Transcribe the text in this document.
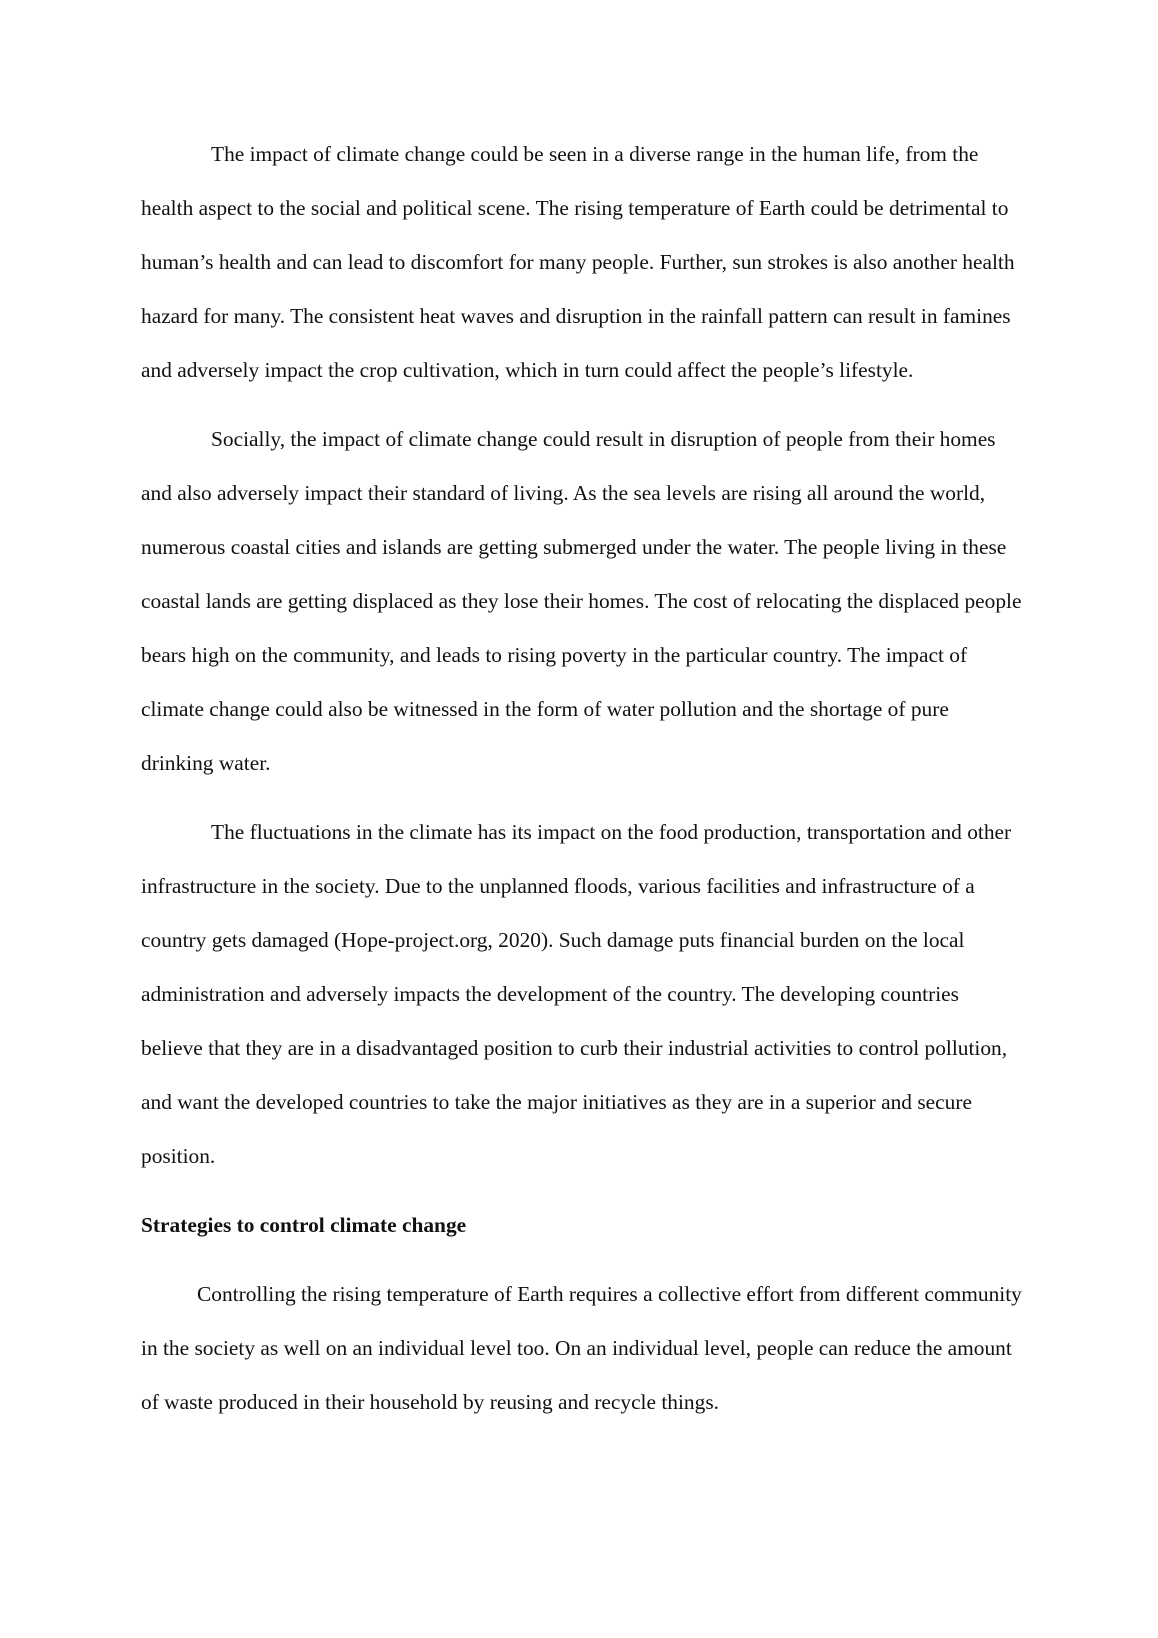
The impact of climate change could be seen in a diverse range in the human life, from the health aspect to the social and political scene. The rising temperature of Earth could be detrimental to human’s health and can lead to discomfort for many people. Further, sun strokes is also another health hazard for many. The consistent heat waves and disruption in the rainfall pattern can result in famines and adversely impact the crop cultivation, which in turn could affect the people’s lifestyle.

Socially, the impact of climate change could result in disruption of people from their homes and also adversely impact their standard of living. As the sea levels are rising all around the world, numerous coastal cities and islands are getting submerged under the water. The people living in these coastal lands are getting displaced as they lose their homes. The cost of relocating the displaced people bears high on the community, and leads to rising poverty in the particular country. The impact of climate change could also be witnessed in the form of water pollution and the shortage of pure drinking water.

The fluctuations in the climate has its impact on the food production, transportation and other infrastructure in the society. Due to the unplanned floods, various facilities and infrastructure of a country gets damaged (Hope-project.org, 2020). Such damage puts financial burden on the local administration and adversely impacts the development of the country. The developing countries believe that they are in a disadvantaged position to curb their industrial activities to control pollution, and want the developed countries to take the major initiatives as they are in a superior and secure position.

Strategies to control climate change

Controlling the rising temperature of Earth requires a collective effort from different community in the society as well on an individual level too. On an individual level, people can reduce the amount of waste produced in their household by reusing and recycle things.
